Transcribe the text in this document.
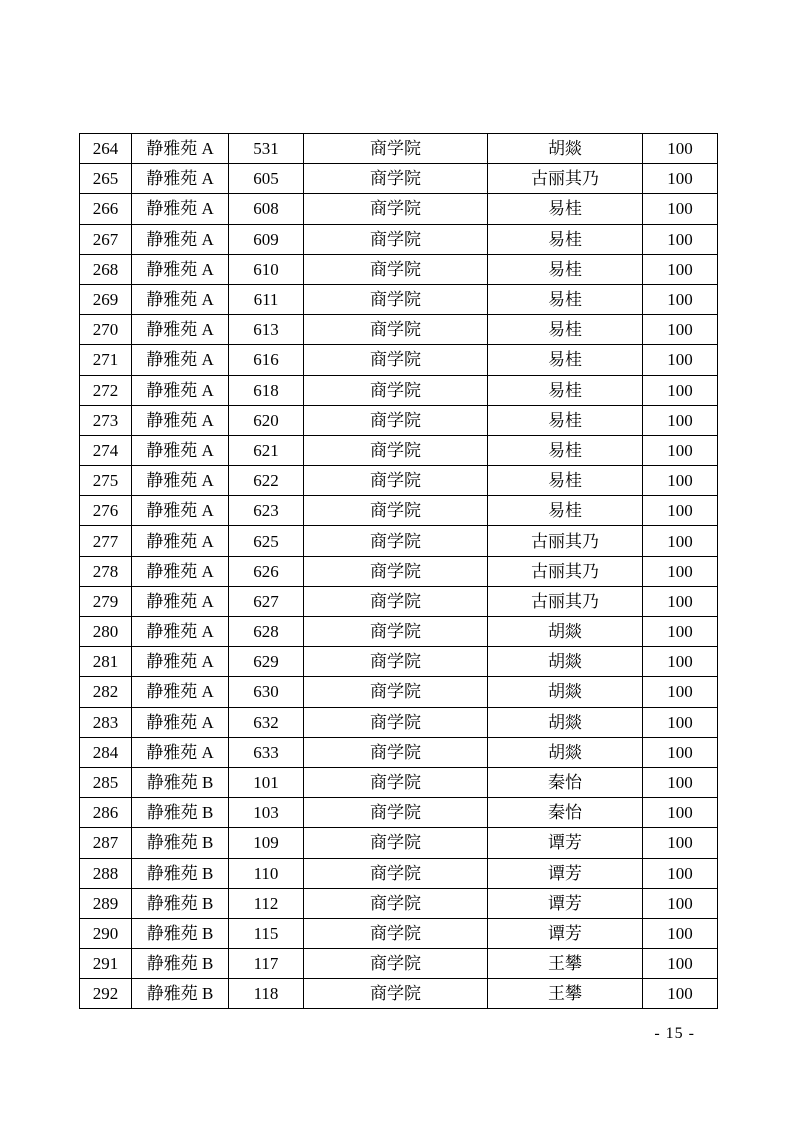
264	静雅苑 A	531	商学院	胡燚	100
265	静雅苑 A	605	商学院	古丽其乃	100
266	静雅苑 A	608	商学院	易桂	100
267	静雅苑 A	609	商学院	易桂	100
268	静雅苑 A	610	商学院	易桂	100
269	静雅苑 A	611	商学院	易桂	100
270	静雅苑 A	613	商学院	易桂	100
271	静雅苑 A	616	商学院	易桂	100
272	静雅苑 A	618	商学院	易桂	100
273	静雅苑 A	620	商学院	易桂	100
274	静雅苑 A	621	商学院	易桂	100
275	静雅苑 A	622	商学院	易桂	100
276	静雅苑 A	623	商学院	易桂	100
277	静雅苑 A	625	商学院	古丽其乃	100
278	静雅苑 A	626	商学院	古丽其乃	100
279	静雅苑 A	627	商学院	古丽其乃	100
280	静雅苑 A	628	商学院	胡燚	100
281	静雅苑 A	629	商学院	胡燚	100
282	静雅苑 A	630	商学院	胡燚	100
283	静雅苑 A	632	商学院	胡燚	100
284	静雅苑 A	633	商学院	胡燚	100
285	静雅苑 B	101	商学院	秦怡	100
286	静雅苑 B	103	商学院	秦怡	100
287	静雅苑 B	109	商学院	谭芳	100
288	静雅苑 B	110	商学院	谭芳	100
289	静雅苑 B	112	商学院	谭芳	100
290	静雅苑 B	115	商学院	谭芳	100
291	静雅苑 B	117	商学院	王攀	100
292	静雅苑 B	118	商学院	王攀	100
- 15 -
